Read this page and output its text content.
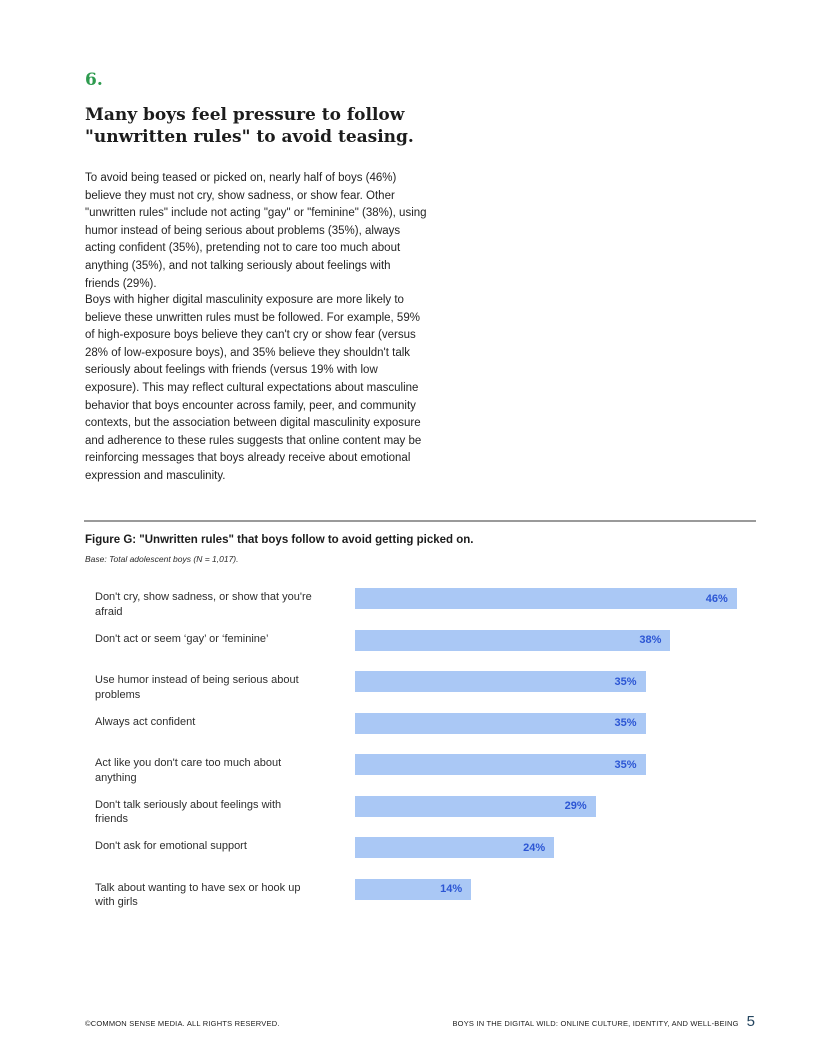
6.
Many boys feel pressure to follow "unwritten rules" to avoid teasing.

To avoid being teased or picked on, nearly half of boys (46%) believe they must not cry, show sadness, or show fear. Other "unwritten rules" include not acting "gay" or "feminine" (38%), using humor instead of being serious about problems (35%), always acting confident (35%), pretending not to care too much about anything (35%), and not talking seriously about feelings with friends (29%).

Boys with higher digital masculinity exposure are more likely to believe these unwritten rules must be followed. For example, 59% of high-exposure boys believe they can't cry or show fear (versus 28% of low-exposure boys), and 35% believe they shouldn't talk seriously about feelings with friends (versus 19% with low exposure). This may reflect cultural expectations about masculine behavior that boys encounter across family, peer, and community contexts, but the association between digital masculinity exposure and adherence to these rules suggests that online content may be reinforcing messages that boys already receive about emotional expression and masculinity.

Figure G: "Unwritten rules" that boys follow to avoid getting picked on.
Base: Total adolescent boys (N = 1,017).
Don't cry, show sadness, or show that you're afraid
46%
Don't act or seem ‘gay’ or ‘feminine’	38%
Use humor instead of being serious about problems
35%
Always act confident	35%
Act like you don't care too much about anything
35%
Don't talk seriously about feelings with friends
29%
Don't ask for emotional support	24%
Talk about wanting to have sex or hook up with girls
14%
©COMMON SENSE MEDIA. ALL RIGHTS RESERVED.	BOYS IN THE DIGITAL WILD: ONLINE CULTURE, IDENTITY, AND WELL-BEING 5
